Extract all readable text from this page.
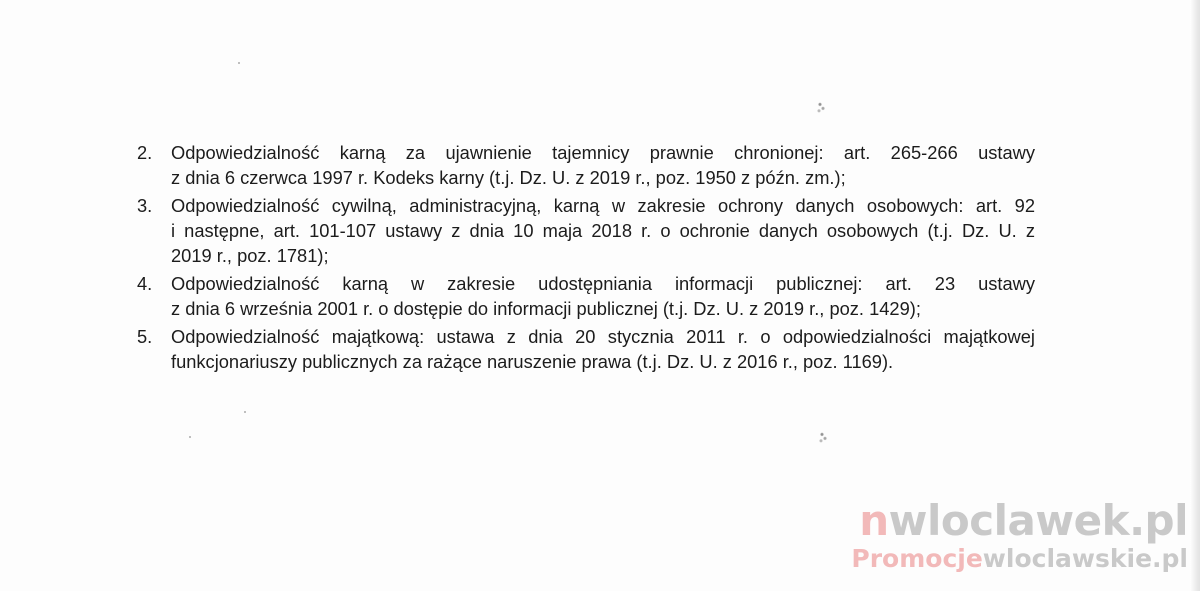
2. Odpowiedzialność karną za ujawnienie tajemnicy prawnie chronionej: art. 265-266 ustawy
z dnia 6 czerwca 1997 r. Kodeks karny (t.j. Dz. U. z 2019 r., poz. 1950 z późn. zm.);
3. Odpowiedzialność cywilną, administracyjną, karną w zakresie ochrony danych osobowych: art. 92
i następne, art. 101-107 ustawy z dnia 10 maja 2018 r. o ochronie danych osobowych (t.j. Dz. U. z
2019 r., poz. 1781);
4. Odpowiedzialność karną w zakresie udostępniania informacji publicznej: art. 23 ustawy
z dnia 6 września 2001 r. o dostępie do informacji publicznej (t.j. Dz. U. z 2019 r., poz. 1429);
5. Odpowiedzialność majątkową: ustawa z dnia 20 stycznia 2011 r. o odpowiedzialności majątkowej
funkcjonariuszy publicznych za rażące naruszenie prawa (t.j. Dz. U. z 2016 r., poz. 1169).
nwloclawek.pl
Promocjewloclawskie.pl
